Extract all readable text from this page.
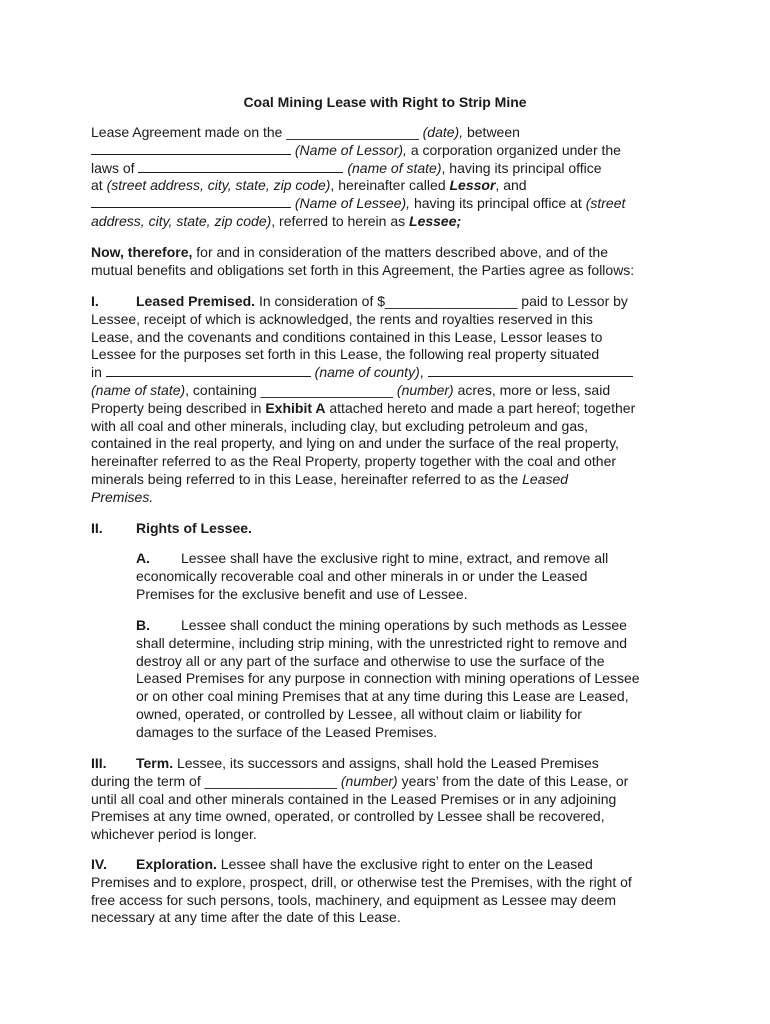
Coal Mining Lease with Right to Strip Mine
Lease Agreement made on the _________________ (date), between
(Name of Lessor), a corporation organized under the
laws of	(name of state), having its principal office
at (street address, city, state, zip code), hereinafter called Lessor, and
(Name of Lessee), having its principal office at (street
address, city, state, zip code), referred to herein as Lessee;
Now, therefore, for and in consideration of the matters described above, and of the
mutual benefits and obligations set forth in this Agreement, the Parties agree as follows:
I.	Leased Premised. In consideration of $_________________ paid to Lessor by
Lessee, receipt of which is acknowledged, the rents and royalties reserved in this
Lease, and the covenants and conditions contained in this Lease, Lessor leases to
Lessee for the purposes set forth in this Lease, the following real property situated
in	(name of county),
(name of state), containing _________________ (number) acres, more or less, said
Property being described in Exhibit A attached hereto and made a part hereof; together
with all coal and other minerals, including clay, but excluding petroleum and gas,
contained in the real property, and lying on and under the surface of the real property,
hereinafter referred to as the Real Property, property together with the coal and other
minerals being referred to in this Lease, hereinafter referred to as the Leased
Premises.
II. Rights of Lessee.
A. Lessee shall have the exclusive right to mine, extract, and remove all
economically recoverable coal and other minerals in or under the Leased
Premises for the exclusive benefit and use of Lessee.
B. Lessee shall conduct the mining operations by such methods as Lessee
shall determine, including strip mining, with the unrestricted right to remove and
destroy all or any part of the surface and otherwise to use the surface of the
Leased Premises for any purpose in connection with mining operations of Lessee
or on other coal mining Premises that at any time during this Lease are Leased,
owned, operated, or controlled by Lessee, all without claim or liability for
damages to the surface of the Leased Premises.
III. Term. Lessee, its successors and assigns, shall hold the Leased Premises
during the term of _________________ (number) years’ from the date of this Lease, or
until all coal and other minerals contained in the Leased Premises or in any adjoining
Premises at any time owned, operated, or controlled by Lessee shall be recovered,
whichever period is longer.
IV. Exploration. Lessee shall have the exclusive right to enter on the Leased
Premises and to explore, prospect, drill, or otherwise test the Premises, with the right of
free access for such persons, tools, machinery, and equipment as Lessee may deem
necessary at any time after the date of this Lease.
